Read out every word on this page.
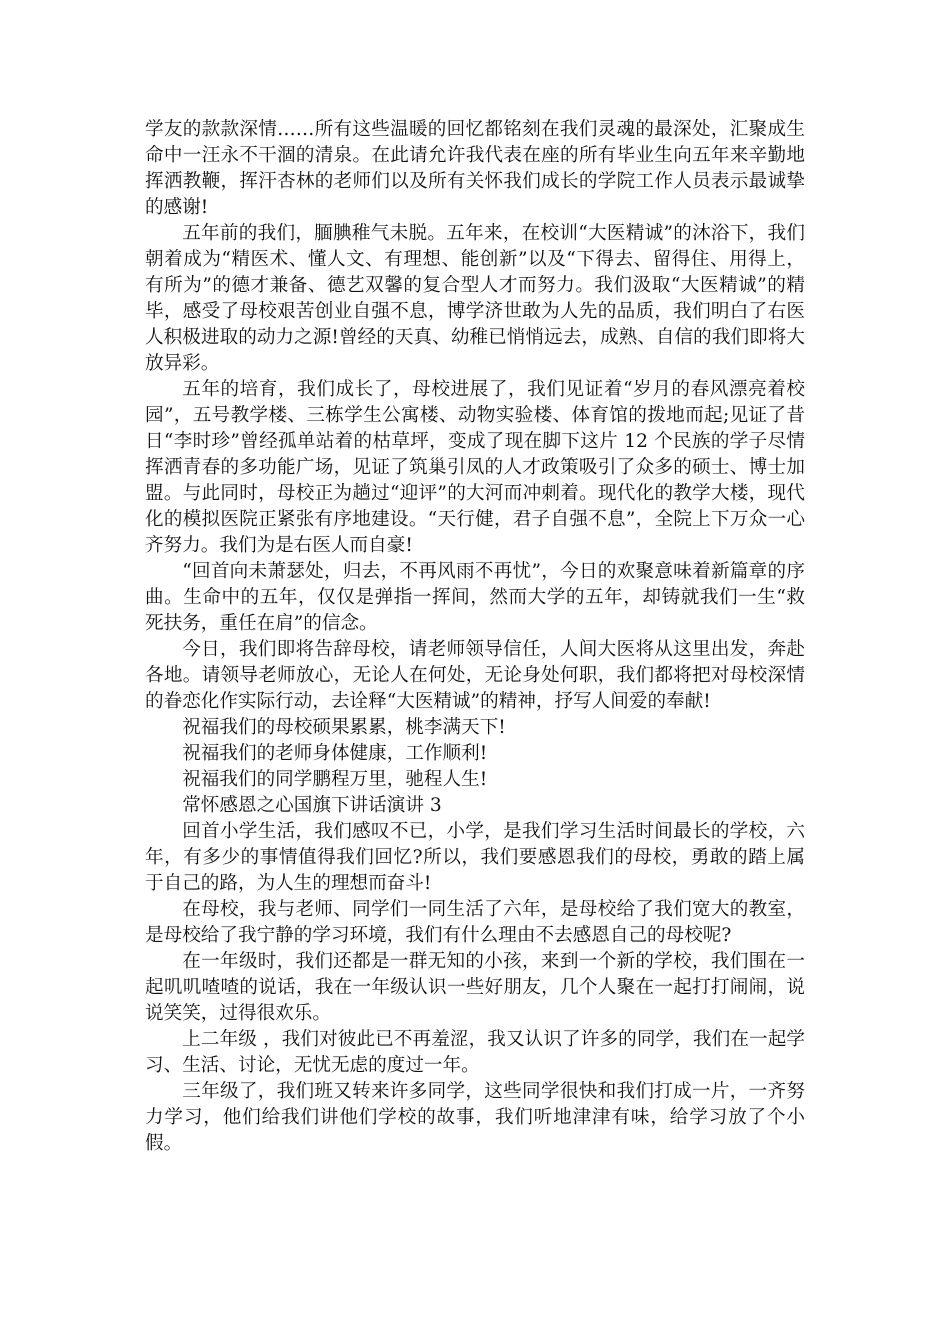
学友的款款深情……所有这些温暖的回忆都铭刻在我们灵魂的最深处，汇聚成生命中一汪永不干涸的清泉。在此请允许我代表在座的所有毕业生向五年来辛勤地挥洒教鞭，挥汗杏林的老师们以及所有关怀我们成长的学院工作人员表示最诚挚的感谢!

五年前的我们，腼腆稚气未脱。五年来，在校训“大医精诚”的沐浴下，我们朝着成为“精医术、懂人文、有理想、能创新”以及“下得去、留得住、用得上，有所为”的德才兼备、德艺双馨的复合型人才而努力。我们汲取“大医精诚”的精毕，感受了母校艰苦创业自强不息，博学济世敢为人先的品质，我们明白了右医人积极进取的动力之源!曾经的天真、幼稚已悄悄远去，成熟、自信的我们即将大放异彩。

五年的培育，我们成长了，母校进展了，我们见证着“岁月的春风漂亮着校园”，五号教学楼、三栋学生公寓楼、动物实验楼、体育馆的拨地而起;见证了昔日“李时珍”曾经孤单站着的枯草坪，变成了现在脚下这片 12 个民族的学子尽情挥洒青春的多功能广场，见证了筑巢引凤的人才政策吸引了众多的硕士、博士加盟。与此同时，母校正为趟过“迎评”的大河而冲刺着。现代化的教学大楼，现代化的模拟医院正紧张有序地建设。“天行健，君子自强不息”，全院上下万众一心齐努力。我们为是右医人而自豪!

“回首向未萧瑟处，归去，不再风雨不再忧”，今日的欢聚意味着新篇章的序曲。生命中的五年，仅仅是弹指一挥间，然而大学的五年，却铸就我们一生“救死扶务，重任在肩”的信念。

今日，我们即将告辞母校，请老师领导信任，人间大医将从这里出发，奔赴各地。请领导老师放心，无论人在何处，无论身处何职，我们都将把对母校深情的眷恋化作实际行动，去诠释“大医精诚”的精神，抒写人间爱的奉献!

祝福我们的母校硕果累累，桃李满天下!

祝福我们的老师身体健康，工作顺利!

祝福我们的同学鹏程万里，驰程人生!

常怀感恩之心国旗下讲话演讲 3

回首小学生活，我们感叹不已，小学，是我们学习生活时间最长的学校，六年，有多少的事情值得我们回忆?所以，我们要感恩我们的母校，勇敢的踏上属于自己的路，为人生的理想而奋斗!

在母校，我与老师、同学们一同生活了六年，是母校给了我们宽大的教室，是母校给了我宁静的学习环境，我们有什么理由不去感恩自己的母校呢?

在一年级时，我们还都是一群无知的小孩，来到一个新的学校，我们围在一起叽叽喳喳的说话，我在一年级认识一些好朋友，几个人聚在一起打打闹闹，说说笑笑，过得很欢乐。

上二年级 ，我们对彼此已不再羞涩，我又认识了许多的同学，我们在一起学习、生活、讨论，无忧无虑的度过一年。

三年级了，我们班又转来许多同学，这些同学很快和我们打成一片，一齐努力学习，他们给我们讲他们学校的故事，我们听地津津有味，给学习放了个小假。
